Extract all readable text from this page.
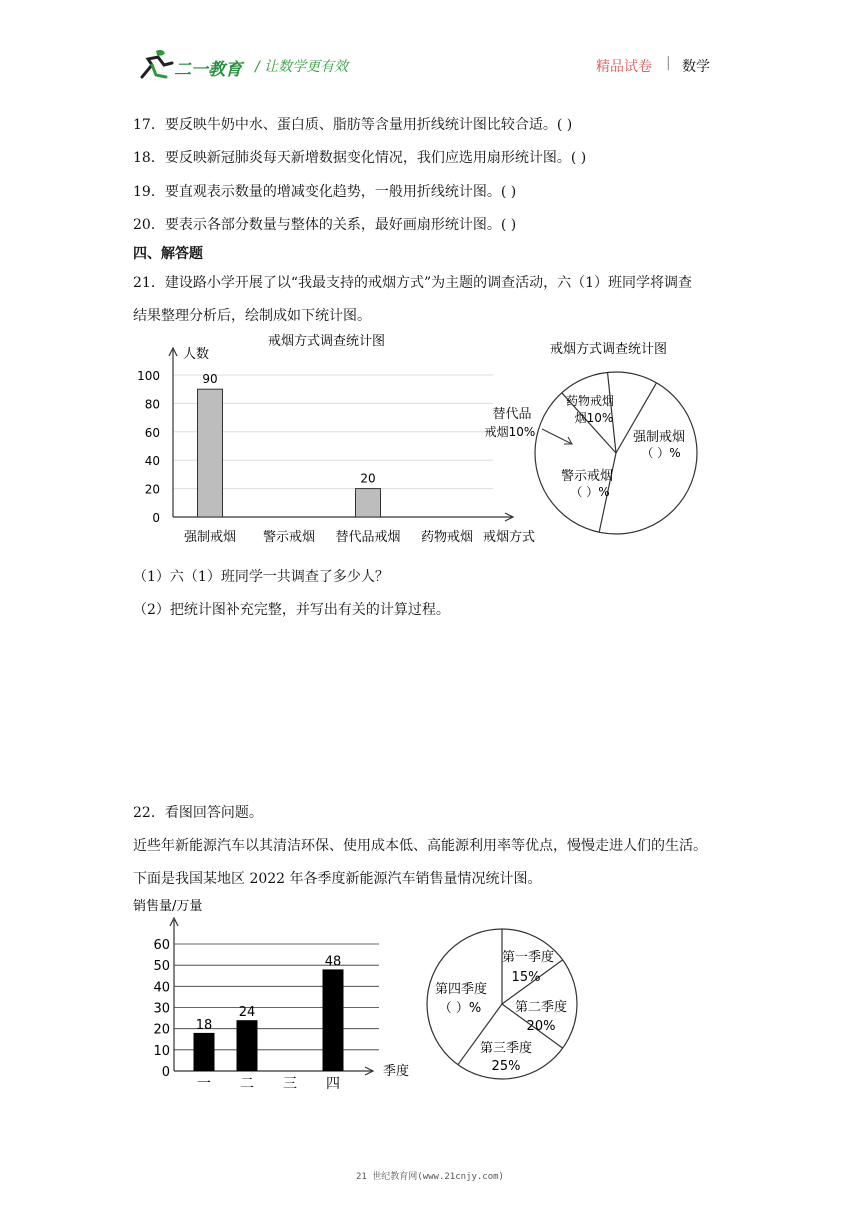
二一教育 / 让数学更有效	精品试卷 | 数学
17．要反映牛奶中水、蛋白质、脂肪等含量用折线统计图比较合适。( )
18．要反映新冠肺炎每天新增数据变化情况，我们应选用扇形统计图。( )
19．要直观表示数量的增减变化趋势，一般用折线统计图。( )
20．要表示各部分数量与整体的关系，最好画扇形统计图。( )
四、解答题
21．建设路小学开展了以“我最支持的戒烟方式”为主题的调查活动，六（1）班同学将调查
结果整理分析后，绘制成如下统计图。
戒烟方式调查统计图
0
20
40
60
80
100
人数
戒烟方式
强制戒烟
90
警示戒烟 替代品戒烟
20
药物戒烟
戒烟方式调查统计图
药物戒烟
烟10%
强制戒烟
（ ）%
警示戒烟
（ ）%
替代品
戒烟10%
（1）六（1）班同学一共调查了多少人？
（2）把统计图补充完整，并写出有关的计算过程。
22．看图回答问题。
近些年新能源汽车以其清洁环保、使用成本低、高能源利用率等优点，慢慢走进人们的生活。
下面是我国某地区 2022 年各季度新能源汽车销售量情况统计图。
销售量/万量
0
10
20
30
40
50
60
季度
一
18
二
24
三 四
48	第一季度
15%
第二季度
20%
第三季度
25%
第四季度
（ ）%
21 世纪教育网(www.21cnjy.com)
